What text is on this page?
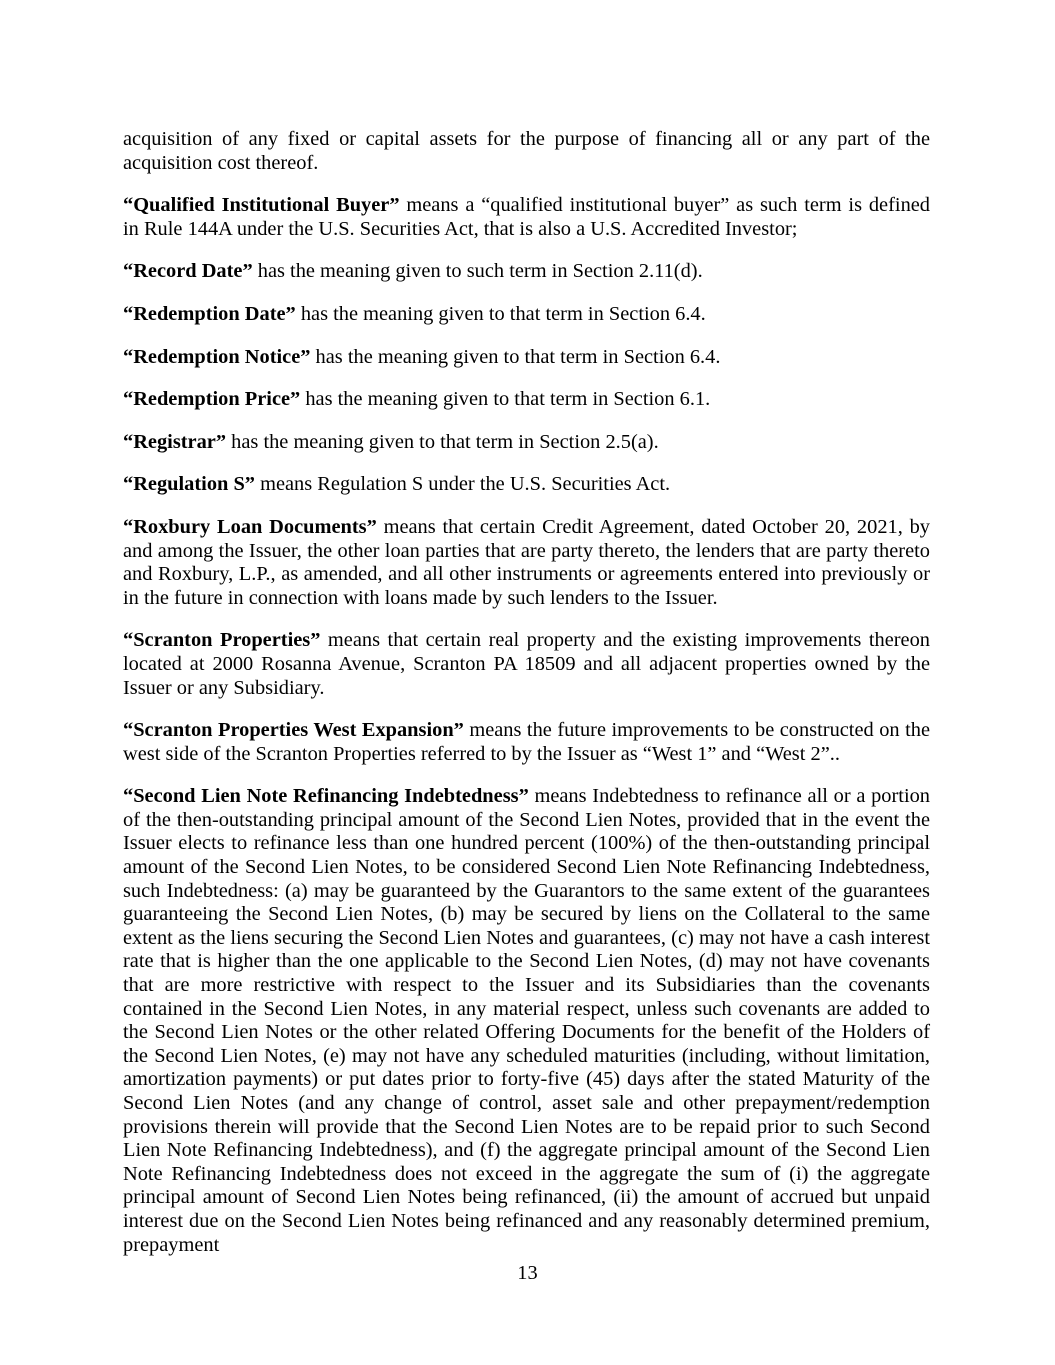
acquisition of any fixed or capital assets for the purpose of financing all or any part of the acquisition cost thereof.

“Qualified Institutional Buyer” means a “qualified institutional buyer” as such term is defined in Rule 144A under the U.S. Securities Act, that is also a U.S. Accredited Investor;

“Record Date” has the meaning given to such term in Section 2.11(d).

“Redemption Date” has the meaning given to that term in Section 6.4.

“Redemption Notice” has the meaning given to that term in Section 6.4.

“Redemption Price” has the meaning given to that term in Section 6.1.

“Registrar” has the meaning given to that term in Section 2.5(a).

“Regulation S” means Regulation S under the U.S. Securities Act.

“Roxbury Loan Documents” means that certain Credit Agreement, dated October 20, 2021, by and among the Issuer, the other loan parties that are party thereto, the lenders that are party thereto and Roxbury, L.P., as amended, and all other instruments or agreements entered into previously or in the future in connection with loans made by such lenders to the Issuer.

“Scranton Properties” means that certain real property and the existing improvements thereon located at 2000 Rosanna Avenue, Scranton PA 18509 and all adjacent properties owned by the Issuer or any Subsidiary.

“Scranton Properties West Expansion” means the future improvements to be constructed on the west side of the Scranton Properties referred to by the Issuer as “West 1” and “West 2”..

“Second Lien Note Refinancing Indebtedness” means Indebtedness to refinance all or a portion of the then-outstanding principal amount of the Second Lien Notes, provided that in the event the Issuer elects to refinance less than one hundred percent (100%) of the then-outstanding principal amount of the Second Lien Notes, to be considered Second Lien Note Refinancing Indebtedness, such Indebtedness: (a) may be guaranteed by the Guarantors to the same extent of the guarantees guaranteeing the Second Lien Notes, (b) may be secured by liens on the Collateral to the same extent as the liens securing the Second Lien Notes and guarantees, (c) may not have a cash interest rate that is higher than the one applicable to the Second Lien Notes, (d) may not have covenants that are more restrictive with respect to the Issuer and its Subsidiaries than the covenants contained in the Second Lien Notes, in any material respect, unless such covenants are added to the Second Lien Notes or the other related Offering Documents for the benefit of the Holders of the Second Lien Notes, (e) may not have any scheduled maturities (including, without limitation, amortization payments) or put dates prior to forty-five (45) days after the stated Maturity of the Second Lien Notes (and any change of control, asset sale and other prepayment/redemption provisions therein will provide that the Second Lien Notes are to be repaid prior to such Second Lien Note Refinancing Indebtedness), and (f) the aggregate principal amount of the Second Lien Note Refinancing Indebtedness does not exceed in the aggregate the sum of (i) the aggregate principal amount of Second Lien Notes being refinanced, (ii) the amount of accrued but unpaid interest due on the Second Lien Notes being refinanced and any reasonably determined premium, prepayment

13
